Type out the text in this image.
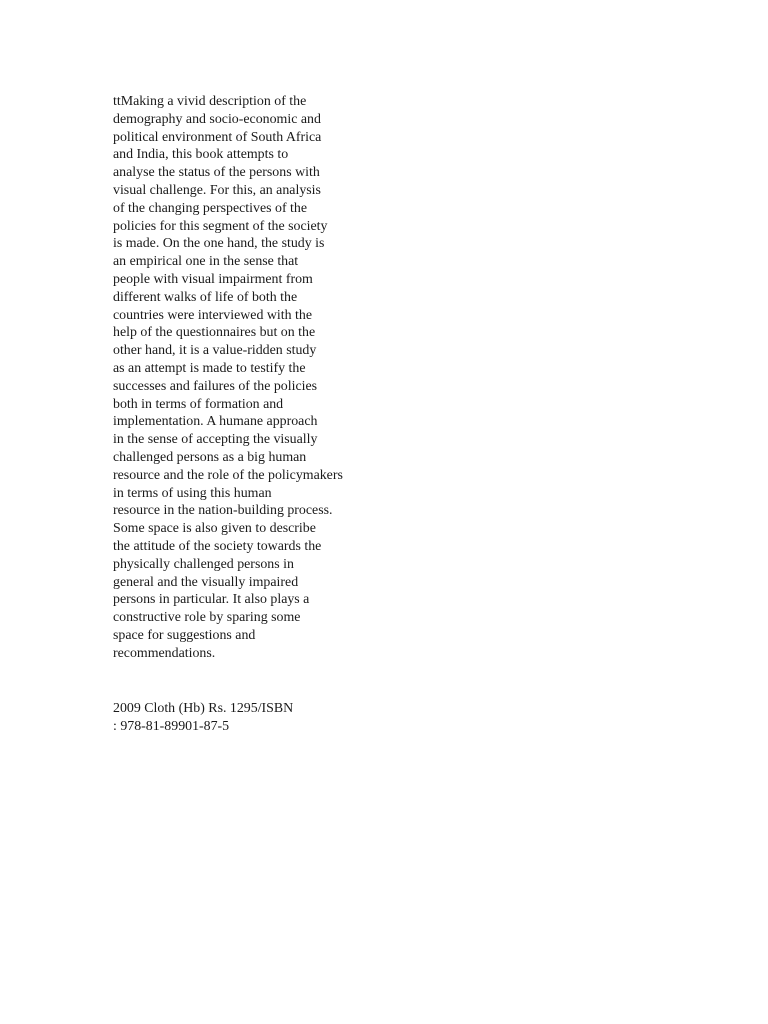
ttMaking a vivid description of the
demography and socio-economic and
political environment of South Africa
and India, this book attempts to
analyse the status of the persons with
visual challenge. For this, an analysis
of the changing perspectives of the
policies for this segment of the society
is made. On the one hand, the study is
an empirical one in the sense that
people with visual impairment from
different walks of life of both the
countries were interviewed with the
help of the questionnaires but on the
other hand, it is a value-ridden study
as an attempt is made to testify the
successes and failures of the policies
both in terms of formation and
implementation. A humane approach
in the sense of accepting the visually
challenged persons as a big human
resource and the role of the policymakers
in terms of using this human
resource in the nation-building process.
Some space is also given to describe
the attitude of the society towards the
physically challenged persons in
general and the visually impaired
persons in particular. It also plays a
constructive role by sparing some
space for suggestions and
recommendations.
2009 Cloth (Hb) Rs. 1295/ISBN
: 978-81-89901-87-5
